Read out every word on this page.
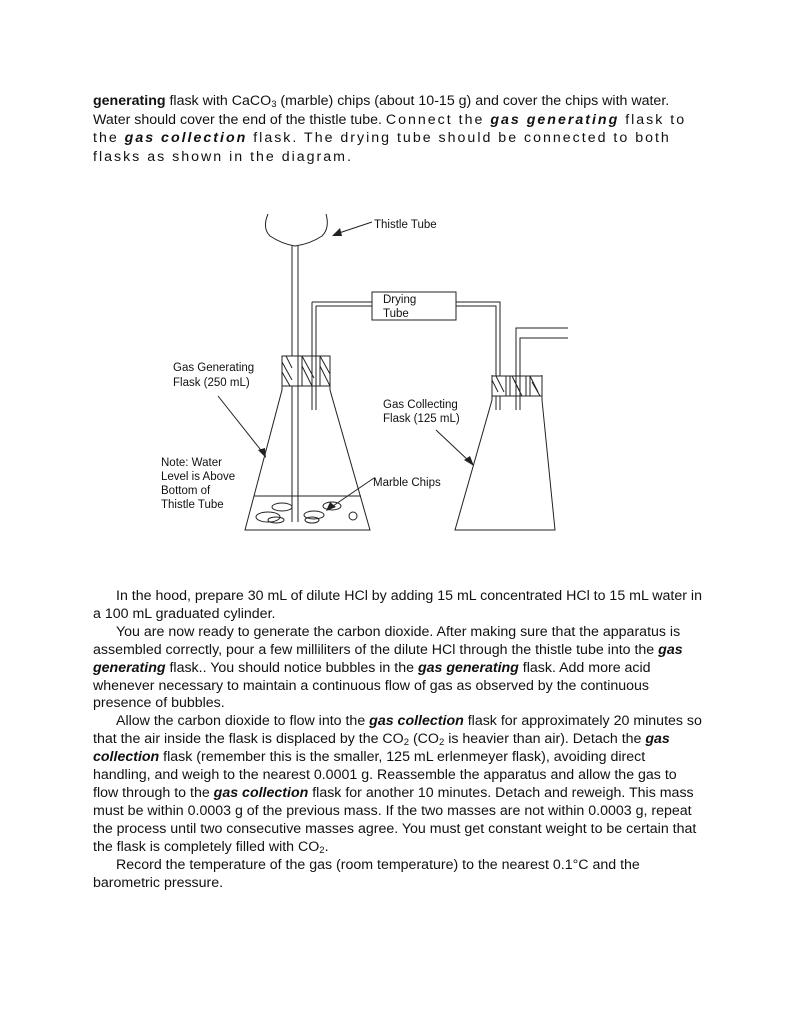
generating flask with CaCO$_3$ (marble) chips (about 10-15 g) and cover the chips with water. Water should cover the end of the thistle tube. Connect the gas generating flask to the gas collection flask. The drying tube should be connected to both flasks as shown in the diagram.
Thistle Tube
Drying
Tube
Gas Generating
Flask (250 mL)
Gas Collecting
Flask (125 mL)
Note: Water
Level is Above
Bottom of
Thistle Tube
Marble Chips

In the hood, prepare 30 mL of dilute HCl by adding 15 mL concentrated HCl to 15 mL water in a 100 mL graduated cylinder.

You are now ready to generate the carbon dioxide. After making sure that the apparatus is assembled correctly, pour a few milliliters of the dilute HCl through the thistle tube into the gas generating flask.. You should notice bubbles in the gas generating flask. Add more acid whenever necessary to maintain a continuous flow of gas as observed by the continuous presence of bubbles.

Allow the carbon dioxide to flow into the gas collection flask for approximately 20 minutes so that the air inside the flask is displaced by the $CO_2$ ($CO_2$ is heavier than air). Detach the gas collection flask (remember this is the smaller, 125 mL erlenmeyer flask), avoiding direct handling, and weigh to the nearest 0.0001 g. Reassemble the apparatus and allow the gas to flow through to the gas collection flask for another 10 minutes. Detach and reweigh. This mass must be within 0.0003 g of the previous mass. If the two masses are not within 0.0003 g, repeat the process until two consecutive masses agree. You must get constant weight to be certain that the flask is completely filled with $CO_2$.

Record the temperature of the gas (room temperature) to the nearest 0.1°C and the barometric pressure.
